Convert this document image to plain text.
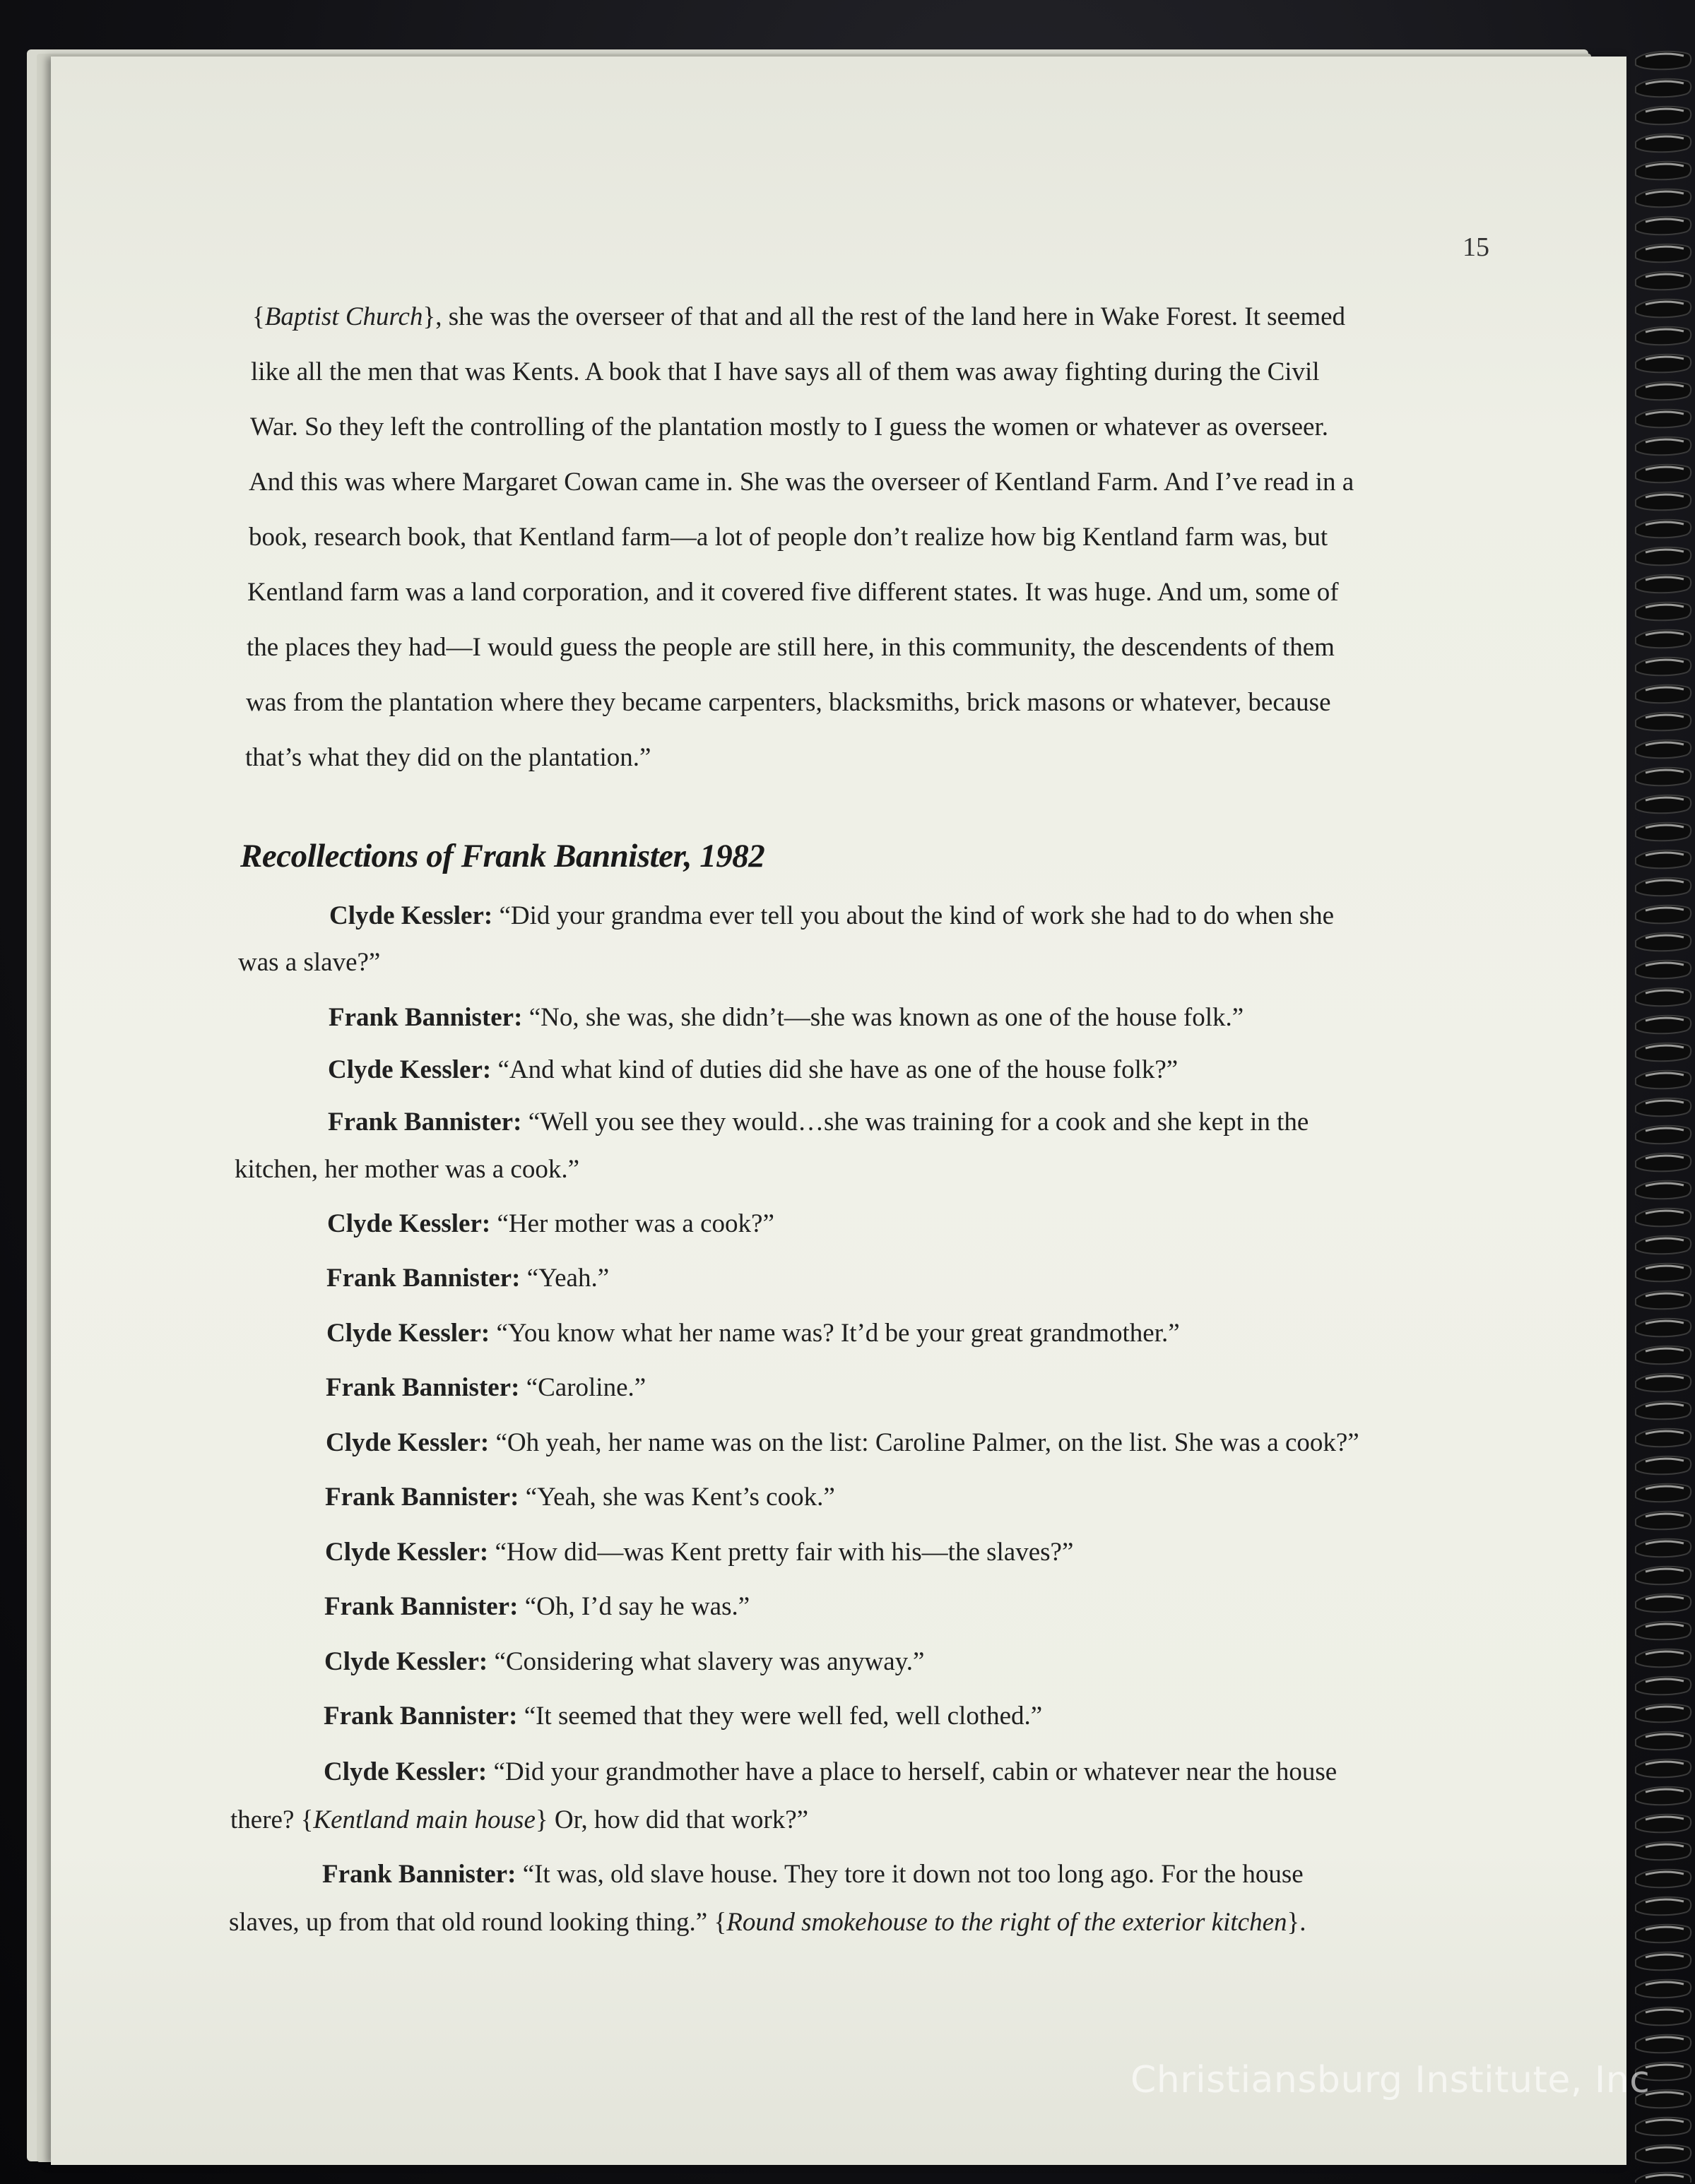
15
{Baptist Church}, she was the overseer of that and all the rest of the land here in Wake Forest. It seemed
like all the men that was Kents. A book that I have says all of them was away fighting during the Civil
War. So they left the controlling of the plantation mostly to I guess the women or whatever as overseer.
And this was where Margaret Cowan came in. She was the overseer of Kentland Farm. And I’ve read in a
book, research book, that Kentland farm—a lot of people don’t realize how big Kentland farm was, but
Kentland farm was a land corporation, and it covered five different states. It was huge. And um, some of
the places they had—I would guess the people are still here, in this community, the descendents of them
was from the plantation where they became carpenters, blacksmiths, brick masons or whatever, because
that’s what they did on the plantation.”
Recollections of Frank Bannister, 1982
Clyde Kessler: “Did your grandma ever tell you about the kind of work she had to do when she
was a slave?”
Frank Bannister: “No, she was, she didn’t—she was known as one of the house folk.”
Clyde Kessler: “And what kind of duties did she have as one of the house folk?”
Frank Bannister: “Well you see they would…she was training for a cook and she kept in the
kitchen, her mother was a cook.”
Clyde Kessler: “Her mother was a cook?”
Frank Bannister: “Yeah.”
Clyde Kessler: “You know what her name was? It’d be your great grandmother.”
Frank Bannister: “Caroline.”
Clyde Kessler: “Oh yeah, her name was on the list: Caroline Palmer, on the list. She was a cook?”
Frank Bannister: “Yeah, she was Kent’s cook.”
Clyde Kessler: “How did—was Kent pretty fair with his—the slaves?”
Frank Bannister: “Oh, I’d say he was.”
Clyde Kessler: “Considering what slavery was anyway.”
Frank Bannister: “It seemed that they were well fed, well clothed.”
Clyde Kessler: “Did your grandmother have a place to herself, cabin or whatever near the house
there? {Kentland main house} Or, how did that work?”
Frank Bannister: “It was, old slave house. They tore it down not too long ago. For the house
slaves, up from that old round looking thing.” {Round smokehouse to the right of the exterior kitchen}.
Christiansburg Institute, Inc
